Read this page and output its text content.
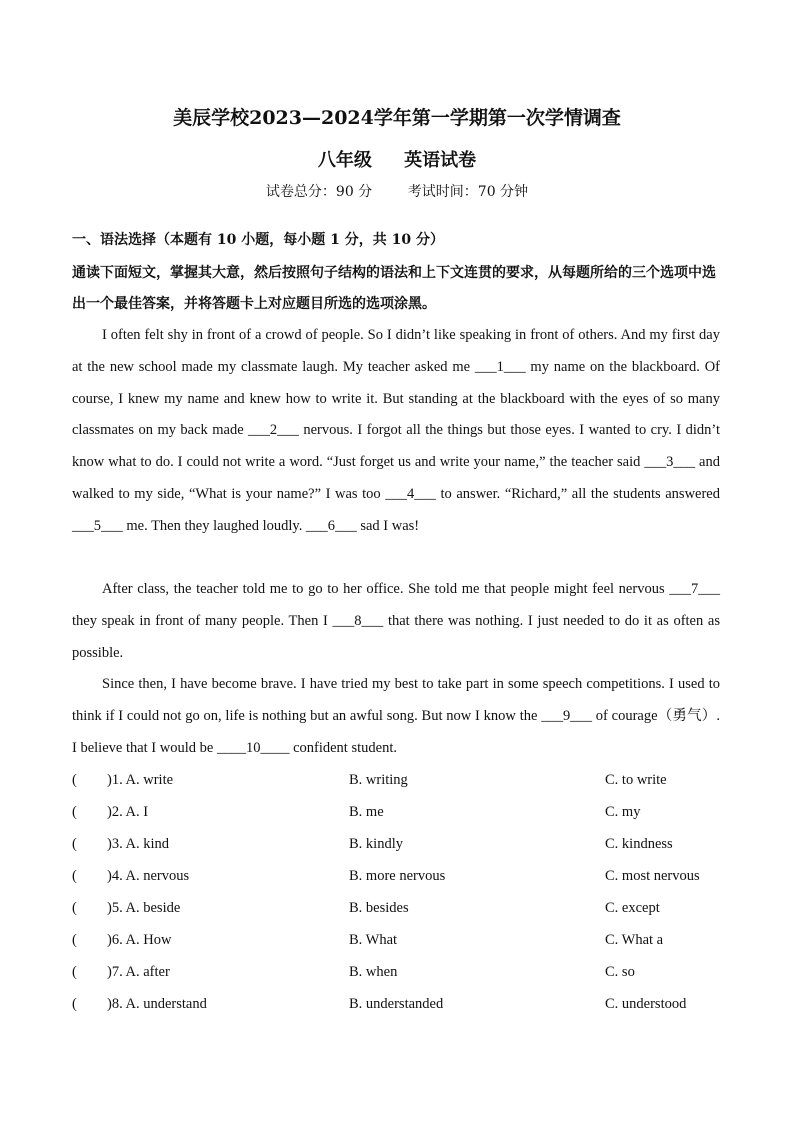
美辰学校2023—2024学年第一学期第一次学情调查
八年级 英语试卷
试卷总分：90 分        考试时间：70 分钟
一、语法选择（本题有 10 小题，每小题 1 分，共 10 分）
通读下面短文，掌握其大意，然后按照句子结构的语法和上下文连贯的要求，从每题所给的三个选项中选出一个最佳答案，并将答题卡上对应题目所选的选项涂黑。
I often felt shy in front of a crowd of people. So I didn’t like speaking in front of others. And my first day at the new school made my classmate laugh. My teacher asked me ___1___ my name on the blackboard. Of course, I knew my name and knew how to write it. But standing at the blackboard with the eyes of so many classmates on my back made ___2___ nervous. I forgot all the things but those eyes. I wanted to cry. I didn’t know what to do. I could not write a word. “Just forget us and write your name,” the teacher said ___3___ and walked to my side, “What is your name?” I was too ___4___ to answer. “Richard,” all the students answered ___5___ me. Then they laughed loudly. ___6___ sad I was!
After class, the teacher told me to go to her office. She told me that people might feel nervous ___7___ they speak in front of many people. Then I ___8___ that there was nothing. I just needed to do it as often as possible.
Since then, I have become brave. I have tried my best to take part in some speech competitions. I used to think if I could not go on, life is nothing but an awful song. But now I know the ___9___ of courage（勇气）. I believe that I would be ____10____ confident student.
( )1. A. write	B. writing	C. to write
( )2. A. I	B. me	C. my
( )3. A. kind	B. kindly	C. kindness
( )4. A. nervous	B. more nervous	C. most nervous
( )5. A. beside	B. besides	C. except
( )6. A. How	B. What	C. What a
( )7. A. after	B. when	C. so
( )8. A. understand	B. understanded	C. understood
